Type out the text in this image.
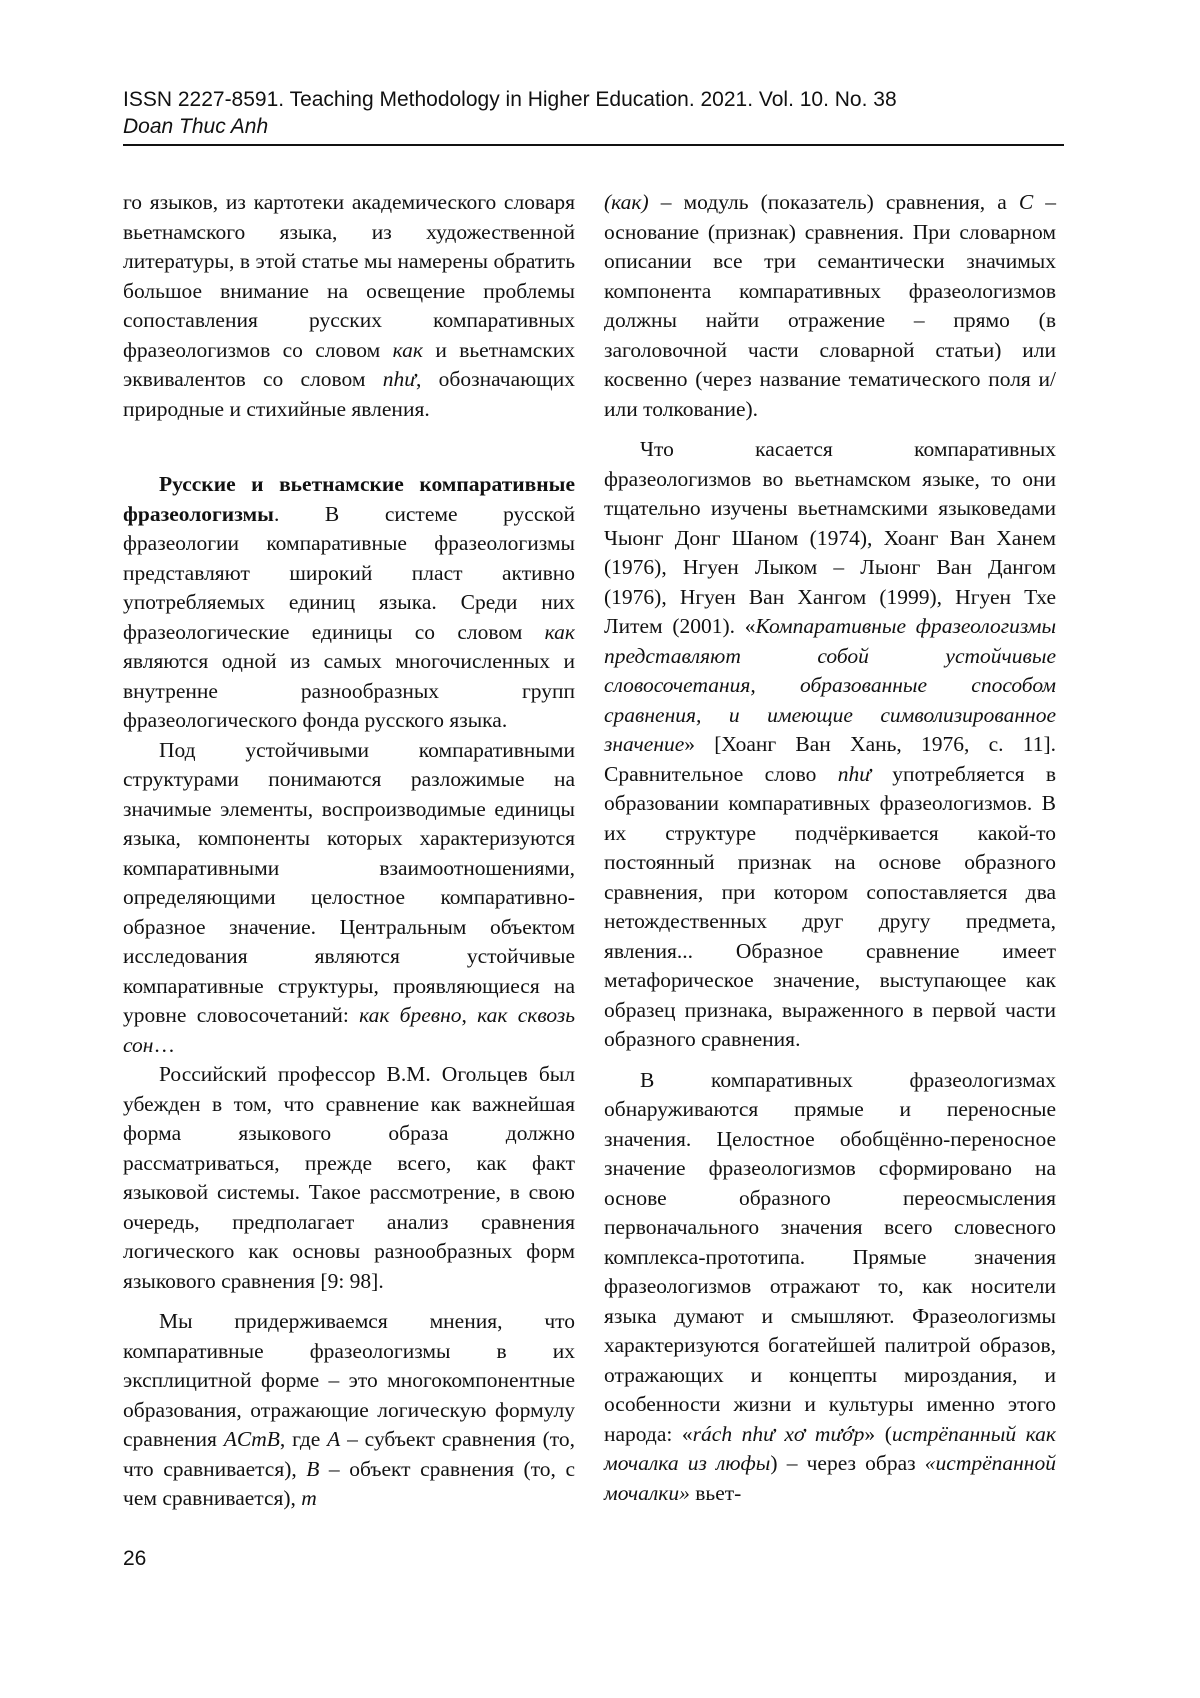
ISSN 2227-8591. Teaching Methodology in Higher Education. 2021. Vol. 10. No. 38
Doan Thuc Anh

го языков, из картотеки академического словаря вьетнамского языка, из художественной литературы, в этой статье мы намерены обратить большое внимание на освещение проблемы сопоставления русских компаративных фразеологизмов со словом как и вьетнамских эквивалентов со словом như, обозначающих природные и стихийные явления.

Русские и вьетнамские компаративные фразеологизмы. В системе русской фразеологии компаративные фразеологизмы представляют широкий пласт активно употребляемых единиц языка. Среди них фразеологические единицы со словом как являются одной из самых многочисленных и внутренне разнообразных групп фразеологического фонда русского языка.

Под устойчивыми компаративными структурами понимаются разложимые на значимые элементы, воспроизводимые единицы языка, компоненты которых характеризуются компаративными взаимоотношениями, определяющими целостное компаративно-образное значение. Центральным объектом исследования являются устойчивые компаративные структуры, проявляющиеся на уровне словосочетаний: как бревно, как сквозь сон…

Российский профессор В.М. Огольцев был убежден в том, что сравнение как важнейшая форма языкового образа должно рассматриваться, прежде всего, как факт языковой системы. Такое рассмотрение, в свою очередь, предполагает анализ сравнения логического как основы разнообразных форм языкового сравнения [9: 98].

Мы придерживаемся мнения, что компаративные фразеологизмы в их эксплицитной форме – это многокомпонентные образования, отражающие логическую формулу сравнения ACmB, где A – субъект сравнения (то, что сравнивается), B – объект сравнения (то, с чем сравнивается), m

(как) – модуль (показатель) сравнения, а C – основание (признак) сравнения. При словарном описании все три семантически значимых компонента компаративных фразеологизмов должны найти отражение – прямо (в заголовочной части словарной статьи) или косвенно (через название тематического поля и/или толкование).

Что касается компаративных фразеологизмов во вьетнамском языке, то они тщательно изучены вьетнамскими языковедами Чыонг Донг Шаном (1974), Хоанг Ван Ханем (1976), Нгуен Лыком – Лыонг Ван Дангом (1976), Нгуен Ван Хангом (1999), Нгуен Тхе Литем (2001). «Компаративные фразеологизмы представляют собой устойчивые словосочетания, образованные способом сравнения, и имеющие символизированное значение» [Хоанг Ван Хань, 1976, с. 11]. Сравнительное слово như употребляется в образовании компаративных фразеологизмов. В их структуре подчёркивается какой-то постоянный признак на основе образного сравнения, при котором сопоставляется два нетождественных друг другу предмета, явления... Образное сравнение имеет метафорическое значение, выступающее как образец признака, выраженного в первой части образного сравнения.

В компаративных фразеологизмах обнаруживаются прямые и переносные значения. Целостное обобщённо-переносное значение фразеологизмов сформировано на основе образного переосмысления первоначального значения всего словесного комплекса-прототипа. Прямые значения фразеологизмов отражают то, как носители языка думают и смышляют. Фразеологизмы характеризуются богатейшей палитрой образов, отражающих и концепты мироздания, и особенности жизни и культуры именно этого народа: «rách như xơ mướp» (истрёпанный как мочалка из люфы) – через образ «истрёпанной мочалки» вьет-

26
